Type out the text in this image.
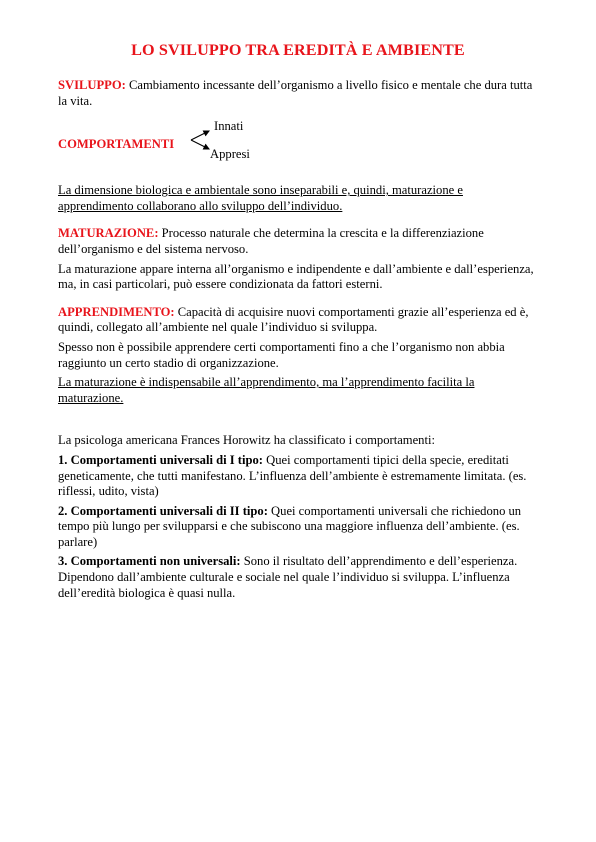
LO SVILUPPO TRA EREDITÀ E AMBIENTE

SVILUPPO: Cambiamento incessante dell’organismo a livello fisico e mentale che dura tutta la vita.

COMPORTAMENTI
Innati
Appresi

La dimensione biologica e ambientale sono inseparabili e, quindi, maturazione e apprendimento collaborano allo sviluppo dell’individuo.

MATURAZIONE: Processo naturale che determina la crescita e la differenziazione dell’organismo e del sistema nervoso.

La maturazione appare interna all’organismo e indipendente e dall’ambiente e dall’esperienza, ma, in casi particolari, può essere condizionata da fattori esterni.

APPRENDIMENTO: Capacità di acquisire nuovi comportamenti grazie all’esperienza ed è, quindi, collegato all’ambiente nel quale l’individuo si sviluppa.

Spesso non è possibile apprendere certi comportamenti fino a che l’organismo non abbia raggiunto un certo stadio di organizzazione.

La maturazione è indispensabile all’apprendimento, ma l’apprendimento facilita la maturazione.

La psicologa americana Frances Horowitz ha classificato i comportamenti:

1. Comportamenti universali di I tipo: Quei comportamenti tipici della specie, ereditati geneticamente, che tutti manifestano. L’influenza dell’ambiente è estremamente limitata. (es. riflessi, udito, vista)

2. Comportamenti universali di II tipo: Quei comportamenti universali che richiedono un tempo più lungo per svilupparsi e che subiscono una maggiore influenza dell’ambiente. (es. parlare)

3. Comportamenti non universali: Sono il risultato dell’apprendimento e dell’esperienza. Dipendono dall’ambiente culturale e sociale nel quale l’individuo si sviluppa. L’influenza dell’eredità biologica è quasi nulla.
